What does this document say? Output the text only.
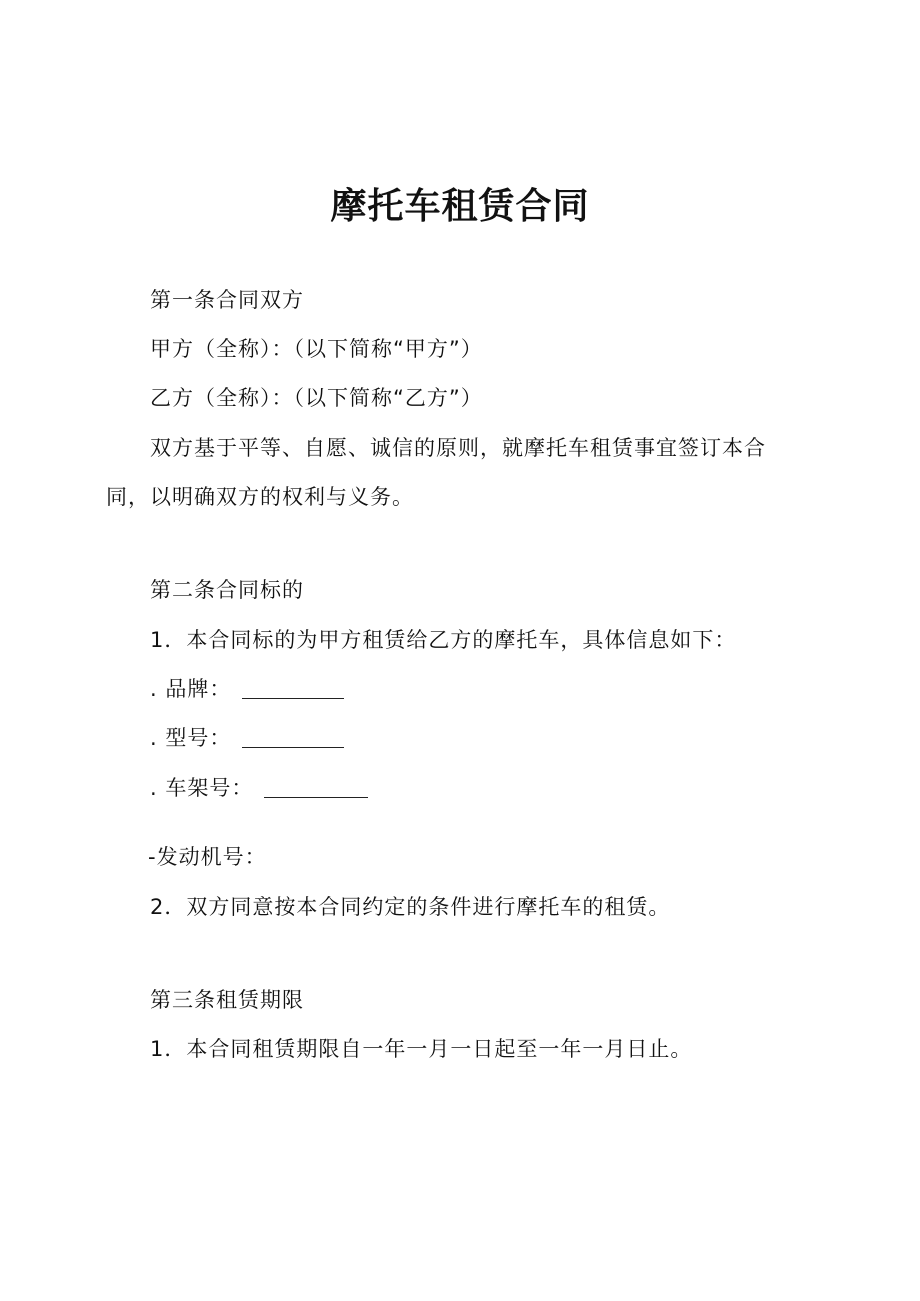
摩托车租赁合同
第一条合同双方
甲方（全称）：（以下简称“甲方”）
乙方（全称）：（以下简称“乙方”）
双方基于平等、自愿、诚信的原则，就摩托车租赁事宜签订本合
同，以明确双方的权利与义务。
第二条合同标的
1．本合同标的为甲方租赁给乙方的摩托车，具体信息如下：
. 品牌：
. 型号：
. 车架号：
-发动机号：
2．双方同意按本合同约定的条件进行摩托车的租赁。
第三条租赁期限
1．本合同租赁期限自一年一月一日起至一年一月日止。
